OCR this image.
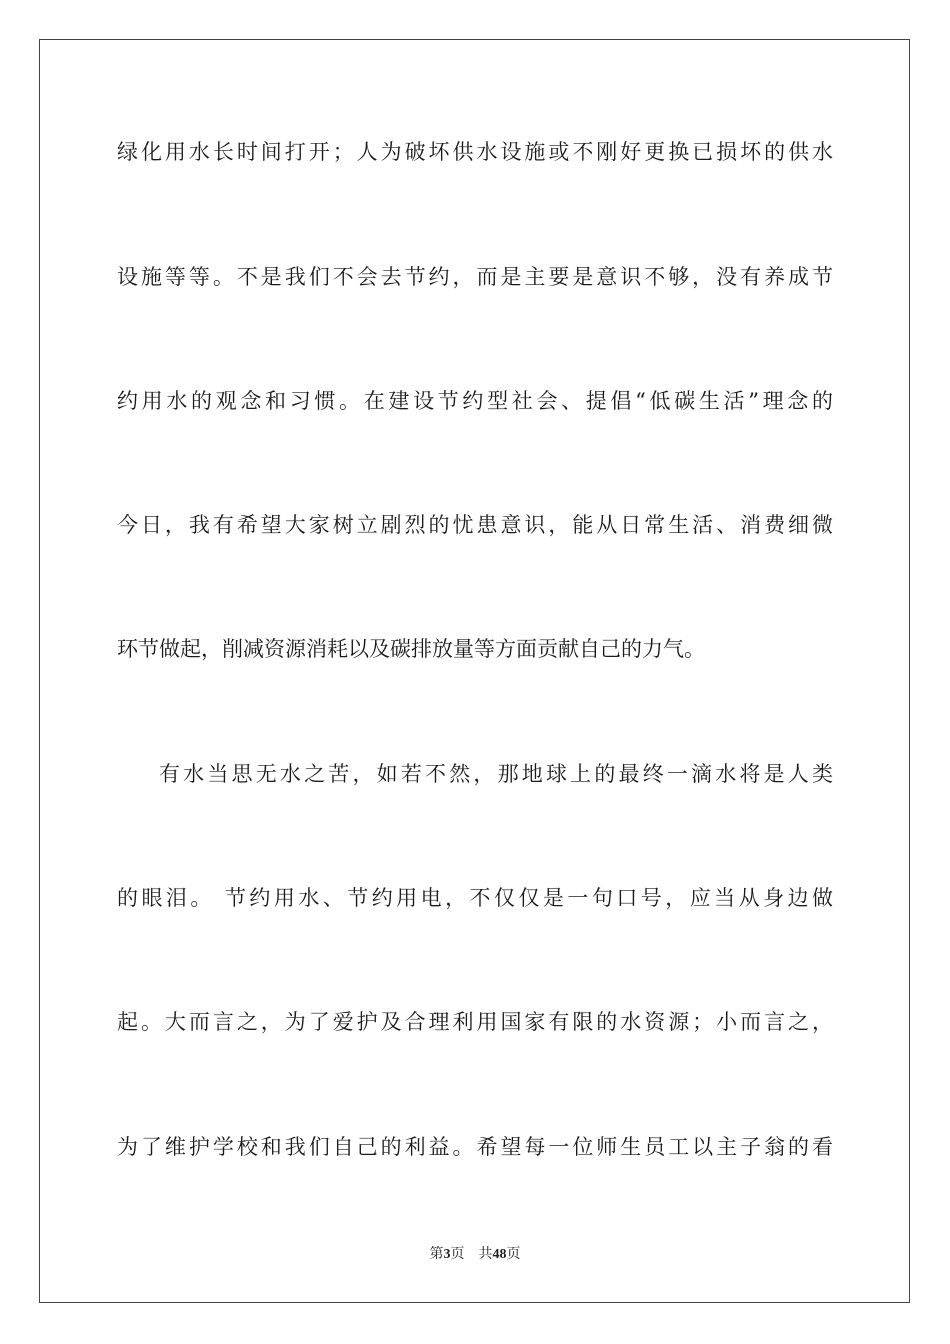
绿化用水长时间打开；人为破坏供水设施或不刚好更换已损坏的供水
设施等等。不是我们不会去节约，而是主要是意识不够，没有养成节
约用水的观念和习惯。在建设节约型社会、提倡“低碳生活”理念的
今日，我有希望大家树立剧烈的忧患意识，能从日常生活、消费细微
环节做起，削减资源消耗以及碳排放量等方面贡献自己的力气。
有水当思无水之苦，如若不然，那地球上的最终一滴水将是人类
的眼泪。 节约用水、节约用电，不仅仅是一句口号，应当从身边做
起。大而言之，为了爱护及合理利用国家有限的水资源；小而言之，
为了维护学校和我们自己的利益。希望每一位师生员工以主子翁的看
第3页 共48页
